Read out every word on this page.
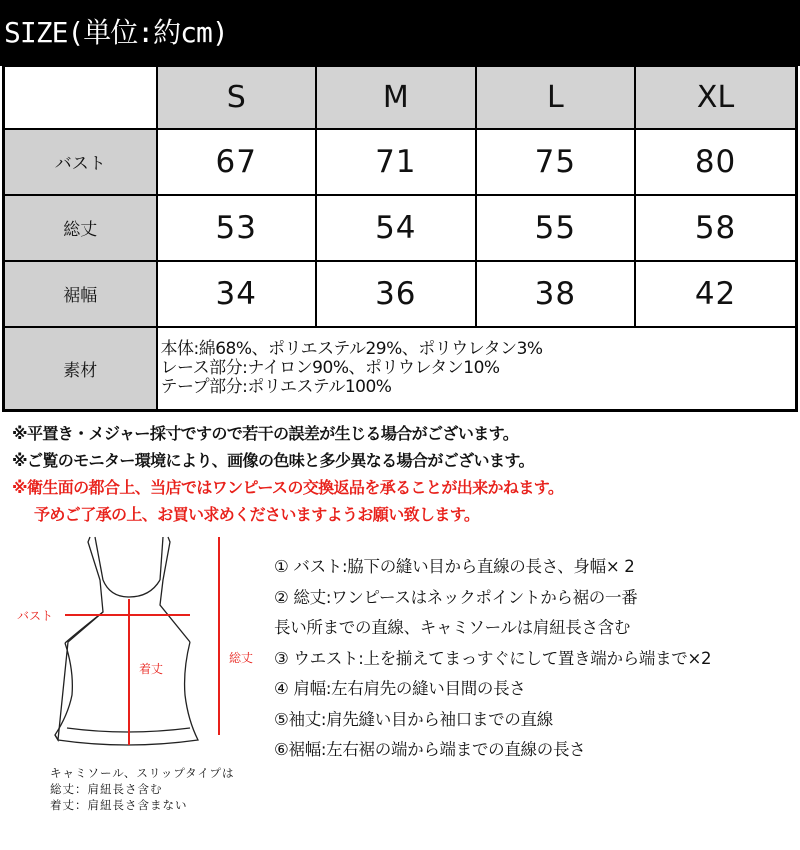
SIZE(単位:約cm)
	S	M	L	XL
バスト	67	71	75	80
総丈	53	54	55	58
裾幅	34	36	38	42
素材	本体:綿68%、ポリエステル29%、ポリウレタン3%
レース部分:ナイロン90%、ポリウレタン10%
テープ部分:ポリエステル100%			
※平置き・メジャー採寸ですので若干の誤差が生じる場合がございます。
※ご覧のモニター環境により、画像の色味と多少異なる場合がございます。
※衛生面の都合上、当店ではワンピースの交換返品を承ることが出来かねます。
予めご了承の上、お買い求めくださいますようお願い致します。
バスト
着丈
総丈
キャミソール、スリップタイプは
総丈：肩紐長さ含む
着丈：肩紐長さ含まない
① バスト:脇下の縫い目から直線の長さ、身幅× 2
② 総丈:ワンピースはネックポイントから裾の一番
長い所までの直線、キャミソールは肩紐長さ含む
③ ウエスト:上を揃えてまっすぐにして置き端から端まで×2
④ 肩幅:左右肩先の縫い目間の長さ
⑤袖丈:肩先縫い目から袖口までの直線
⑥裾幅:左右裾の端から端までの直線の長さ
